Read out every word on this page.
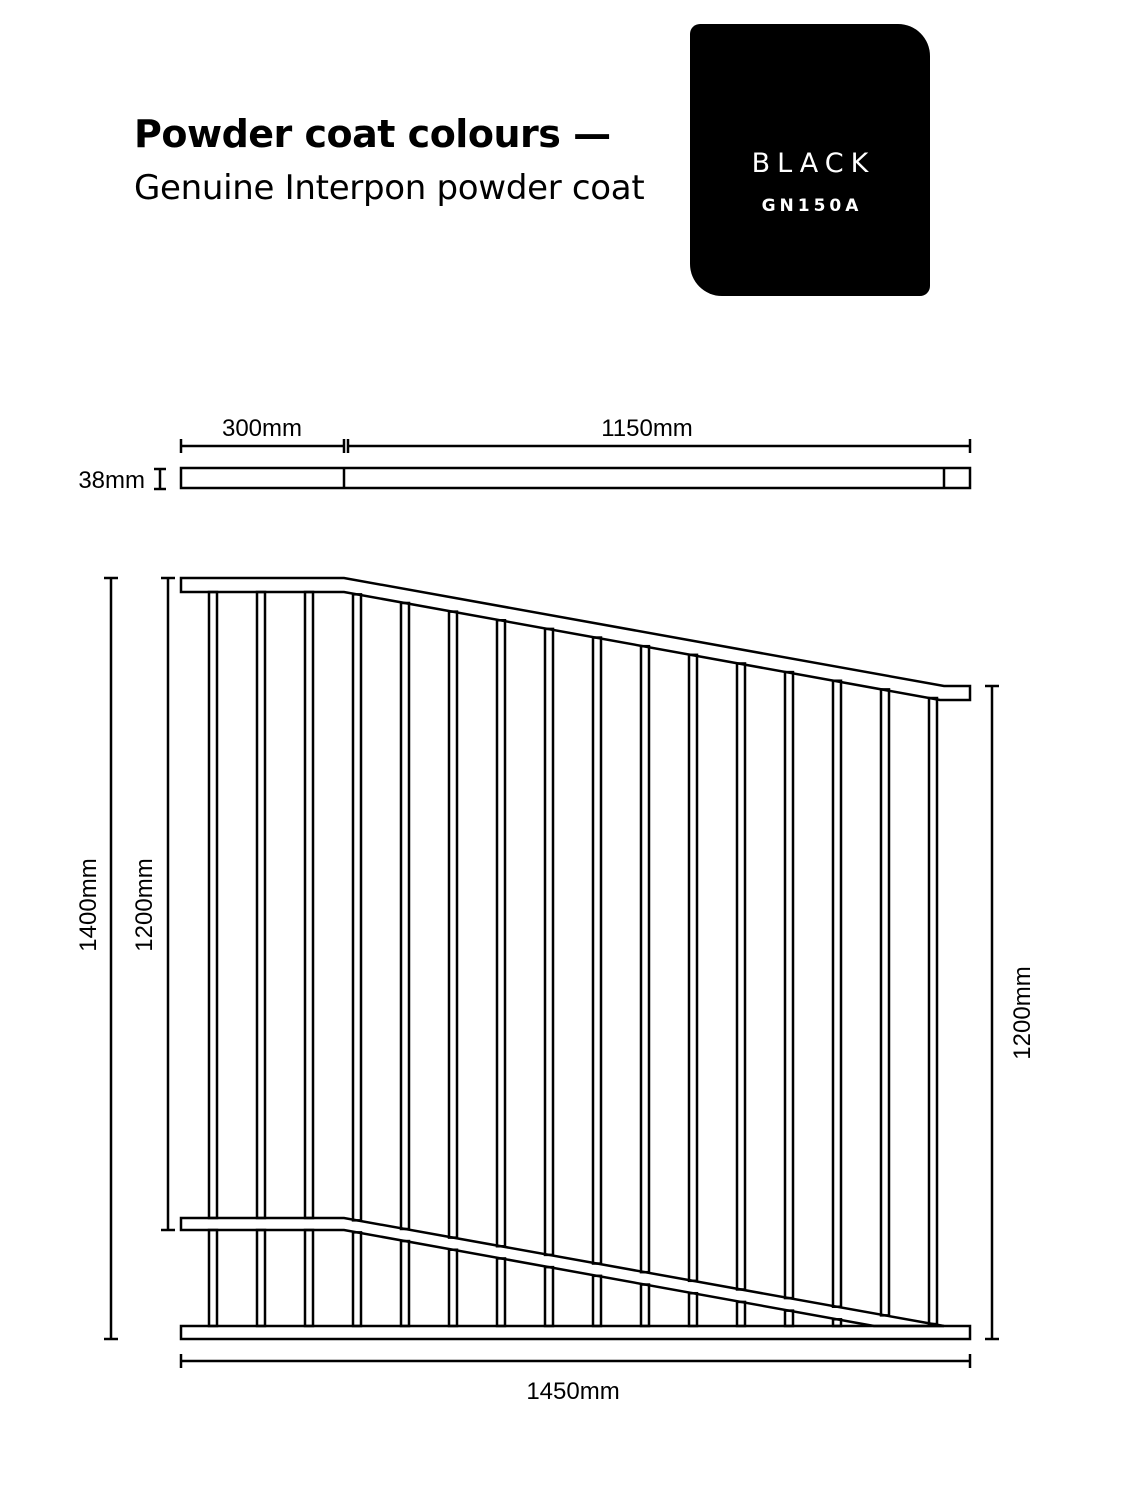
Powder coat colours —
Genuine Interpon powder coat
BLACK
GN150A
300mm	1150mm
38mm
1400mm 1200mm
1200mm
1450mm
